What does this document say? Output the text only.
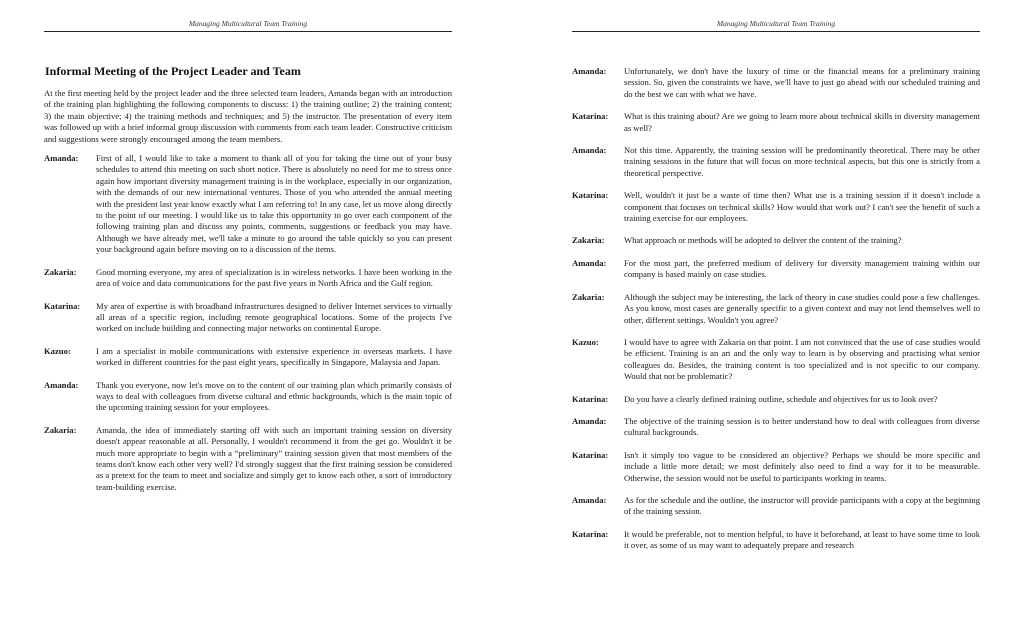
Managing Multicultural Team Training
Informal Meeting of the Project Leader and Team

At the first meeting held by the project leader and the three selected team leaders, Amanda began with an introduction of the training plan highlighting the following components to discuss: 1) the training outline; 2) the training content; 3) the main objective; 4) the training methods and techniques; and 5) the instructor. The presentation of every item was followed up with a brief informal group discussion with comments from each team leader. Constructive criticism and suggestions were strongly encouraged among the team members.

Amanda:	First of all, I would like to take a moment to thank all of you for taking the time out of your busy schedules to attend this meeting on such short notice. There is absolutely no need for me to stress once again how important diversity management training is in the workplace, especially in our organization, with the demands of our new international ventures. Those of you who attended the annual meeting with the president last year know exactly what I am referring to! In any case, let us move along directly to the point of our meeting. I would like us to take this opportunity to go over each component of the following training plan and discuss any points, comments, suggestions or feedback you may have. Although we have already met, we'll take a minute to go around the table quickly so you can present your background again before moving on to a discussion of the items.

Zakaria:	Good morning everyone, my area of specialization is in wireless networks. I have been working in the area of voice and data communications for the past five years in North Africa and the Gulf region.

Katarina:	My area of expertise is with broadband infrastructures designed to deliver Internet services to virtually all areas of a specific region, including remote geographical locations. Some of the projects I've worked on include building and connecting major networks on continental Europe.

Kazuo:	I am a specialist in mobile communications with extensive experience in overseas markets. I have worked in different countries for the past eight years, specifically in Singapore, Malaysia and Japan.

Amanda:	Thank you everyone, now let's move on to the content of our training plan which primarily consists of ways to deal with colleagues from diverse cultural and ethnic backgrounds, which is the main topic of the upcoming training session for your employees.

Zakaria:	Amanda, the idea of immediately starting off with such an important training session on diversity doesn't appear reasonable at all. Personally, I wouldn't recommend it from the get go. Wouldn't it be much more appropriate to begin with a “preliminary” training session given that most members of the teams don't know each other very well? I'd strongly suggest that the first training session be considered as a pretext for the team to meet and socialize and simply get to know each other, a sort of introductory team-building exercise.

Managing Multicultural Team Training
Amanda:	Unfortunately, we don't have the luxury of time or the financial means for a preliminary training session. So, given the constraints we have, we'll have to just go ahead with our scheduled training and do the best we can with what we have.

Katarina:	What is this training about? Are we going to learn more about technical skills in diversity management as well?

Amanda:	Not this time. Apparently, the training session will be predominantly theoretical. There may be other training sessions in the future that will focus on more technical aspects, but this one is strictly from a theoretical perspective.

Katarina:	Well, wouldn't it just be a waste of time then? What use is a training session if it doesn't include a component that focuses on technical skills? How would that work out? I can't see the benefit of such a training exercise for our employees.

Zakaria:	What approach or methods will be adopted to deliver the content of the training?

Amanda:	For the most part, the preferred medium of delivery for diversity management training within our company is based mainly on case studies.

Zakaria:	Although the subject may be interesting, the lack of theory in case studies could pose a few challenges. As you know, most cases are generally specific to a given context and may not lend themselves well to other, different settings. Wouldn't you agree?

Kazuo:	I would have to agree with Zakaria on that point. I am not convinced that the use of case studies would be efficient. Training is an art and the only way to learn is by observing and practising what senior colleagues do. Besides, the training content is too specialized and is not specific to our company. Would that not be problematic?

Katarina:	Do you have a clearly defined training outline, schedule and objectives for us to look over?

Amanda:	The objective of the training session is to better understand how to deal with colleagues from diverse cultural backgrounds.

Katarina:	Isn't it simply too vague to be considered an objective? Perhaps we should be more specific and include a little more detail; we most definitely also need to find a way for it to be measurable. Otherwise, the session would not be useful to participants working in teams.

Amanda:	As for the schedule and the outline, the instructor will provide participants with a copy at the beginning of the training session.

Katarina:	It would be preferable, not to mention helpful, to have it beforehand, at least to have some time to look it over, as some of us may want to adequately prepare and research
